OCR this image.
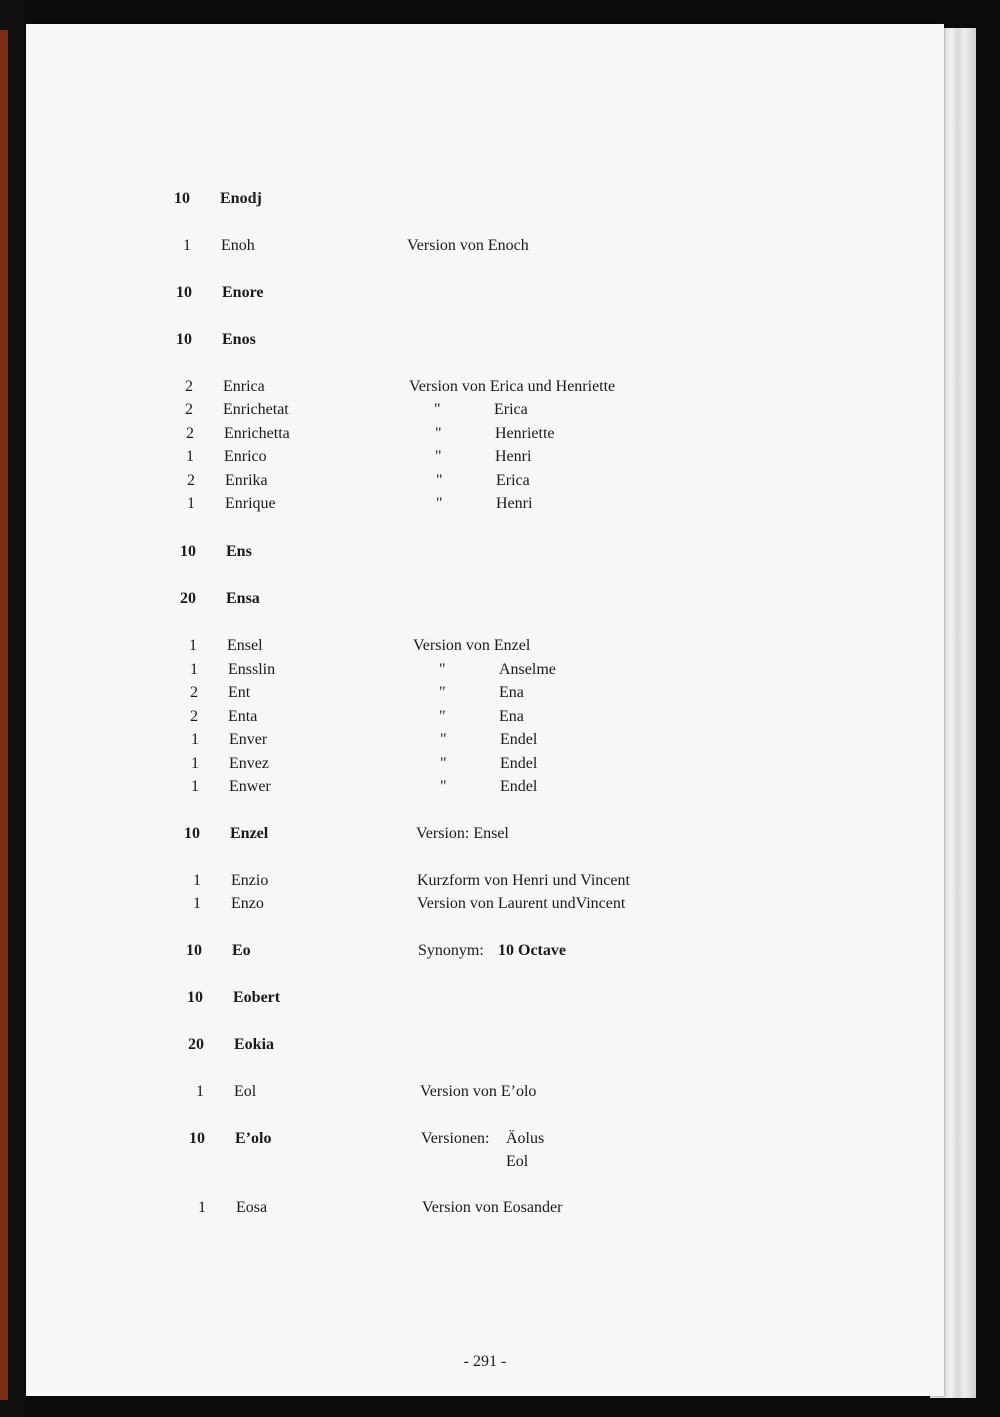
10 Enodj
1 Enoh	Version von Enoch
10 Enore
10 Enos
2 Enrica	Version von Erica und Henriette
2 Enrichetat	"	Erica
2 Enrichetta	"	Henriette
1 Enrico	"	Henri
2 Enrika	"	Erica
1 Enrique	"	Henri
10 Ens
20 Ensa
1 Ensel	Version von Enzel
1 Ensslin	"	Anselme
2 Ent	"	Ena
2 Enta	"	Ena
1 Enver	"	Endel
1 Envez	"	Endel
1 Enwer	"	Endel
10 Enzel	Version: Ensel
1 Enzio	Kurzform von Henri und Vincent
1 Enzo	Version von Laurent undVincent
10 Eo	Synonym: 10 Octave
10 Eobert
20 Eokia
1 Eol	Version von E’olo
10 E’olo	Versionen: Äolus
Eol
1 Eosa	Version von Eosander
- 291 -
